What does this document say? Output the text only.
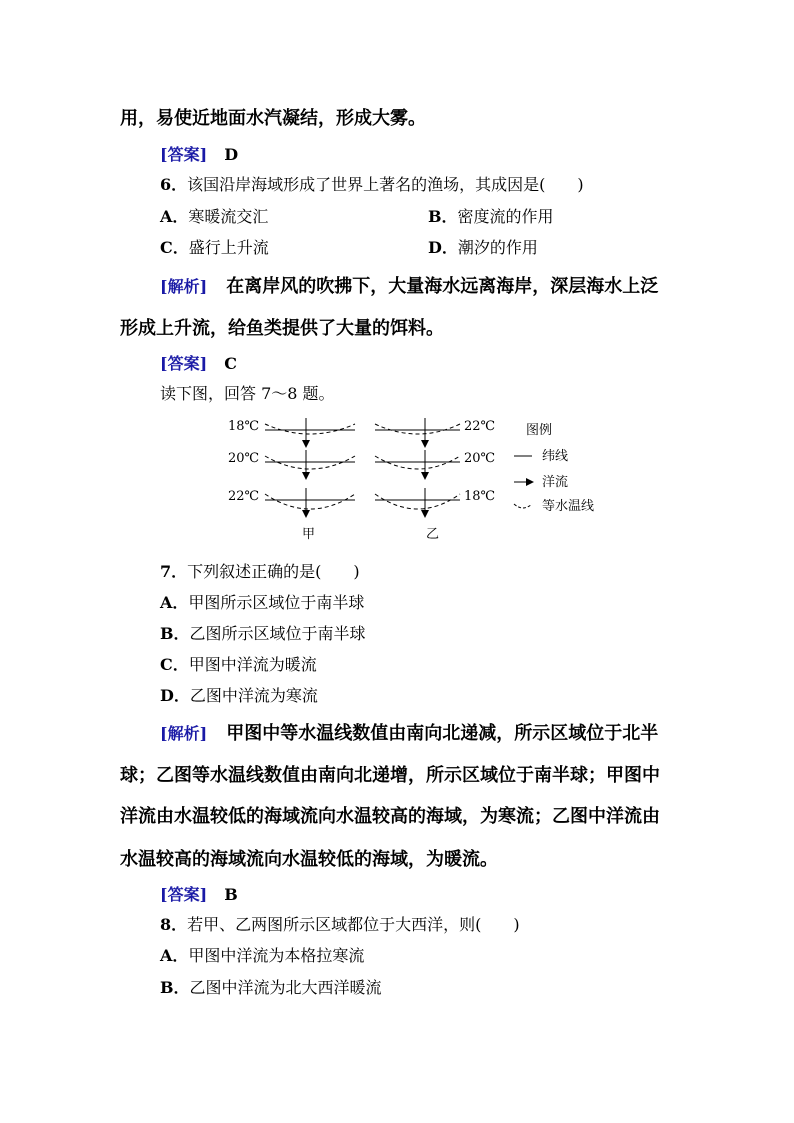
用，易使近地面水汽凝结，形成大雾。
[答案] D
6．该国沿岸海域形成了世界上著名的渔场，其成因是(　　)
A．寒暖流交汇	B．密度流的作用
C．盛行上升流	D．潮汐的作用
[解析] 在离岸风的吹拂下，大量海水远离海岸，深层海水上泛
形成上升流，给鱼类提供了大量的饵料。
[答案] C
读下图，回答 7～8 题。
18℃
20℃
22℃
甲
22℃
20℃
18℃
乙
图例
纬线
洋流
等水温线
7．下列叙述正确的是(　　)
A．甲图所示区域位于南半球
B．乙图所示区域位于南半球
C．甲图中洋流为暖流
D．乙图中洋流为寒流
[解析] 甲图中等水温线数值由南向北递减，所示区域位于北半
球；乙图等水温线数值由南向北递增，所示区域位于南半球；甲图中
洋流由水温较低的海域流向水温较高的海域，为寒流；乙图中洋流由
水温较高的海域流向水温较低的海域，为暖流。
[答案] B
8．若甲、乙两图所示区域都位于大西洋，则(　　)
A．甲图中洋流为本格拉寒流
B．乙图中洋流为北大西洋暖流
